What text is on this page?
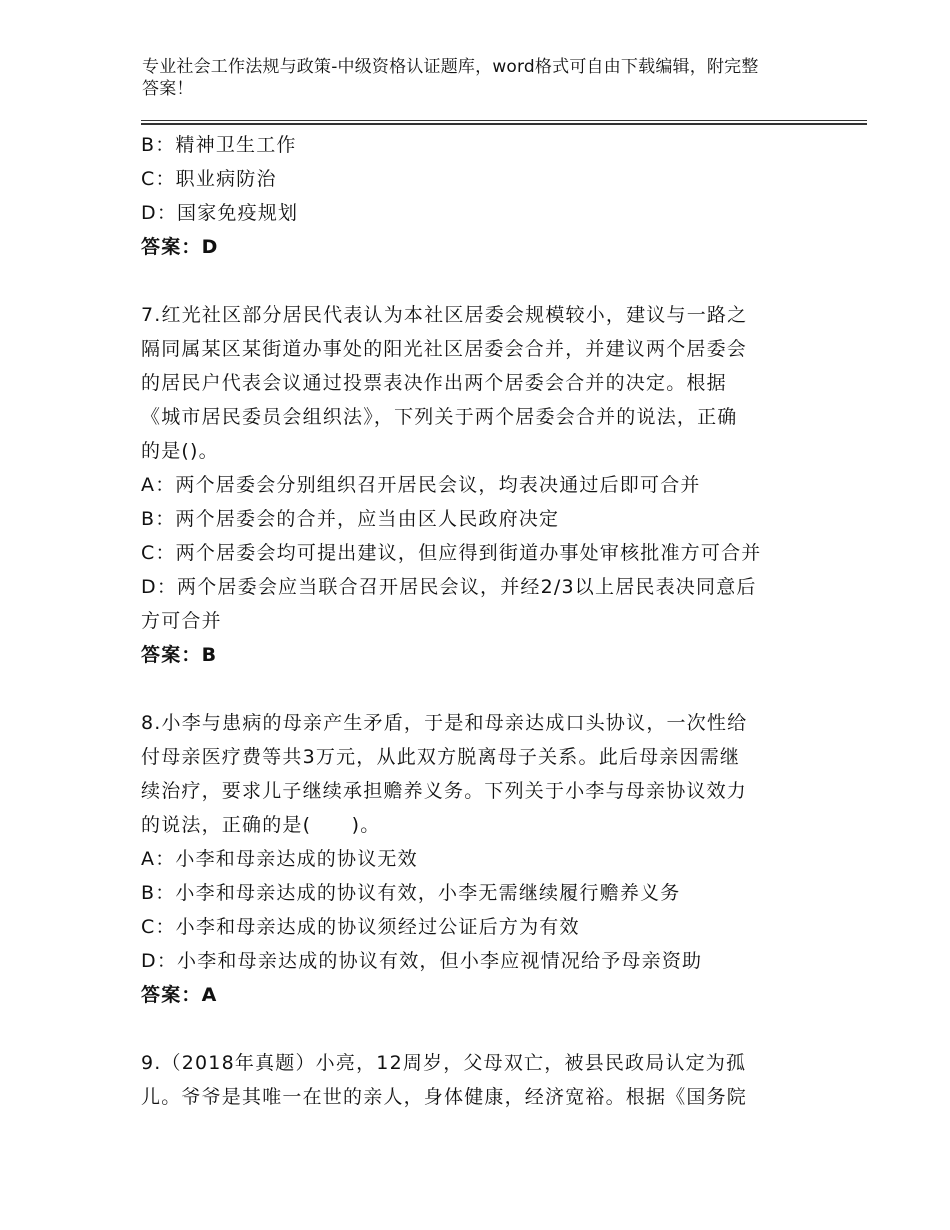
专业社会工作法规与政策-中级资格认证题库，word格式可自由下载编辑，附完整
答案！
B：精神卫生工作
C：职业病防治
D：国家免疫规划
答案：D
7.红光社区部分居民代表认为本社区居委会规模较小，建议与一路之
隔同属某区某街道办事处的阳光社区居委会合并，并建议两个居委会
的居民户代表会议通过投票表决作出两个居委会合并的决定。根据
《城市居民委员会组织法》，下列关于两个居委会合并的说法，正确
的是()。
A：两个居委会分别组织召开居民会议，均表决通过后即可合并
B：两个居委会的合并，应当由区人民政府决定
C：两个居委会均可提出建议，但应得到街道办事处审核批准方可合并
D：两个居委会应当联合召开居民会议，并经2/3以上居民表决同意后
方可合并
答案：B
8.小李与患病的母亲产生矛盾，于是和母亲达成口头协议，一次性给
付母亲医疗费等共3万元，从此双方脱离母子关系。此后母亲因需继
续治疗，要求儿子继续承担赡养义务。下列关于小李与母亲协议效力
的说法，正确的是(　　)。
A：小李和母亲达成的协议无效
B：小李和母亲达成的协议有效，小李无需继续履行赡养义务
C：小李和母亲达成的协议须经过公证后方为有效
D：小李和母亲达成的协议有效，但小李应视情况给予母亲资助
答案：A
9.（2018年真题）小亮，12周岁，父母双亡，被县民政局认定为孤
儿。爷爷是其唯一在世的亲人，身体健康，经济宽裕。根据《国务院
